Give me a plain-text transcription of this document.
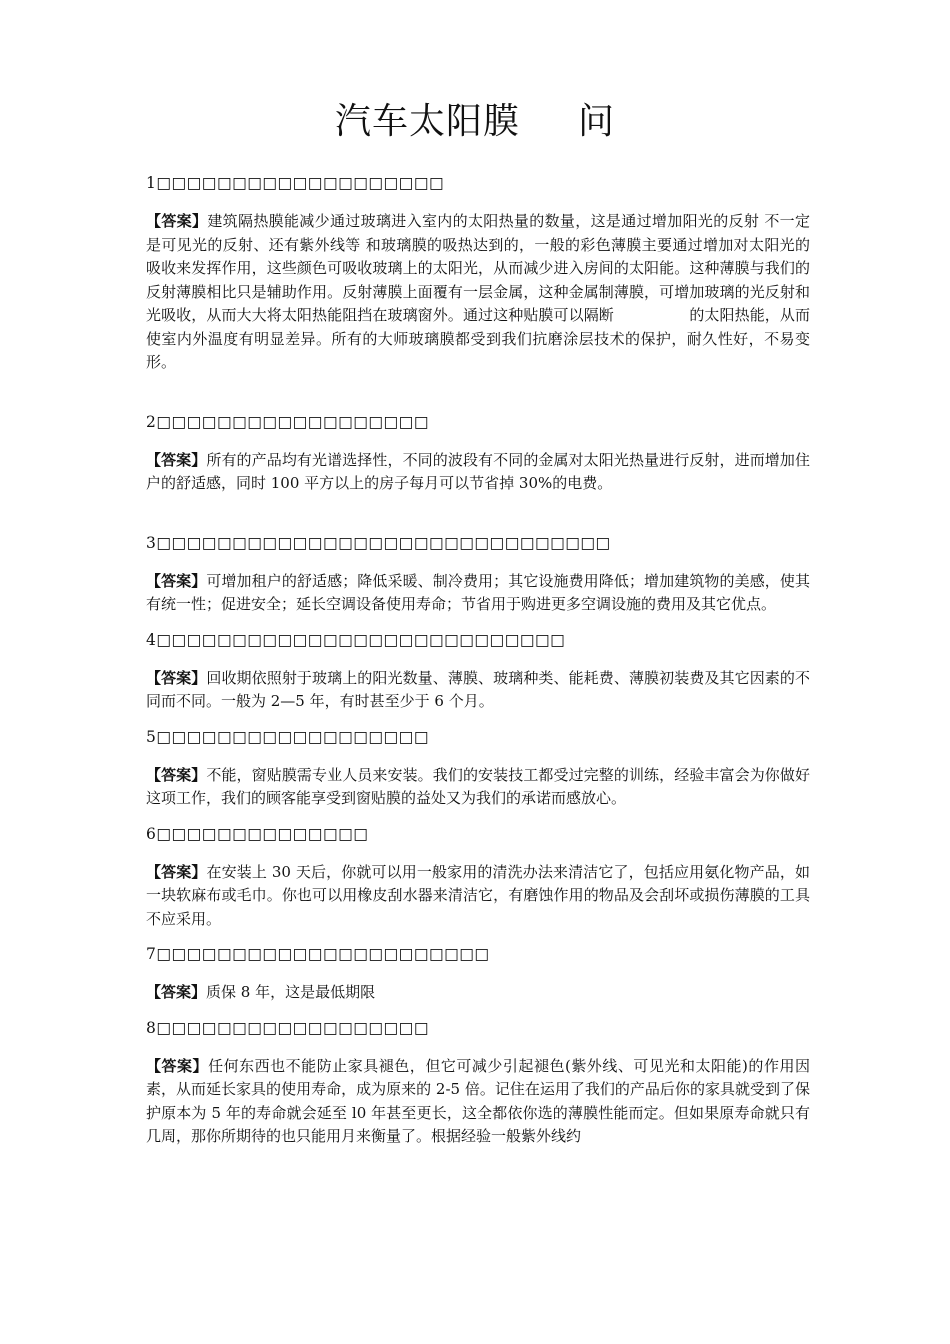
汽车太阳膜 问

1□□□□□□□□□□□□□□□□□□□

【答案】建筑隔热膜能减少通过玻璃进入室内的太阳热量的数量，这是通过增加阳光的反射 不一定是可见光的反射、还有紫外线等 和玻璃膜的吸热达到的，一般的彩色薄膜主要通过增加对太阳光的吸收来发挥作用，这些颜色可吸收玻璃上的太阳光，从而减少进入房间的太阳能。这种薄膜与我们的反射薄膜相比只是辅助作用。反射薄膜上面覆有一层金属，这种金属制薄膜，可增加玻璃的光反射和光吸收，从而大大将太阳热能阻挡在玻璃窗外。通过这种贴膜可以隔断　　　　　的太阳热能，从而使室内外温度有明显差异。所有的大师玻璃膜都受到我们抗磨涂层技术的保护，耐久性好，不易变形。

2□□□□□□□□□□□□□□□□□□

【答案】所有的产品均有光谱选择性，不同的波段有不同的金属对太阳光热量进行反射，进而增加住户的舒适感，同时 100 平方以上的房子每月可以节省掉 30%的电费。

3□□□□□□□□□□□□□□□□□□□□□□□□□□□□□□

【答案】可增加租户的舒适感；降低采暖、制冷费用；其它设施费用降低；增加建筑物的美感，使其有统一性；促进安全；延长空调设备使用寿命；节省用于购进更多空调设施的费用及其它优点。

4□□□□□□□□□□□□□□□□□□□□□□□□□□□

【答案】回收期依照射于玻璃上的阳光数量、薄膜、玻璃种类、能耗费、薄膜初装费及其它因素的不同而不同。一般为 2—5 年，有时甚至少于 6 个月。

5□□□□□□□□□□□□□□□□□□

【答案】不能，窗贴膜需专业人员来安装。我们的安装技工都受过完整的训练，经验丰富会为你做好这项工作，我们的顾客能享受到窗贴膜的益处又为我们的承诺而感放心。

6□□□□□□□□□□□□□□

【答案】在安装上 30 天后，你就可以用一般家用的清洗办法来清洁它了，包括应用氨化物产品，如一块软麻布或毛巾。你也可以用橡皮刮水器来清洁它，有磨蚀作用的物品及会刮坏或损伤薄膜的工具不应采用。

7□□□□□□□□□□□□□□□□□□□□□□

【答案】质保 8 年，这是最低期限

8□□□□□□□□□□□□□□□□□□

【答案】任何东西也不能防止家具褪色，但它可减少引起褪色(紫外线、可见光和太阳能)的作用因素，从而延长家具的使用寿命，成为原来的 2-5 倍。记住在运用了我们的产品后你的家具就受到了保护原本为 5 年的寿命就会延至 l0 年甚至更长，这全都依你选的薄膜性能而定。但如果原寿命就只有几周，那你所期待的也只能用月来衡量了。根据经验一般紫外线约
